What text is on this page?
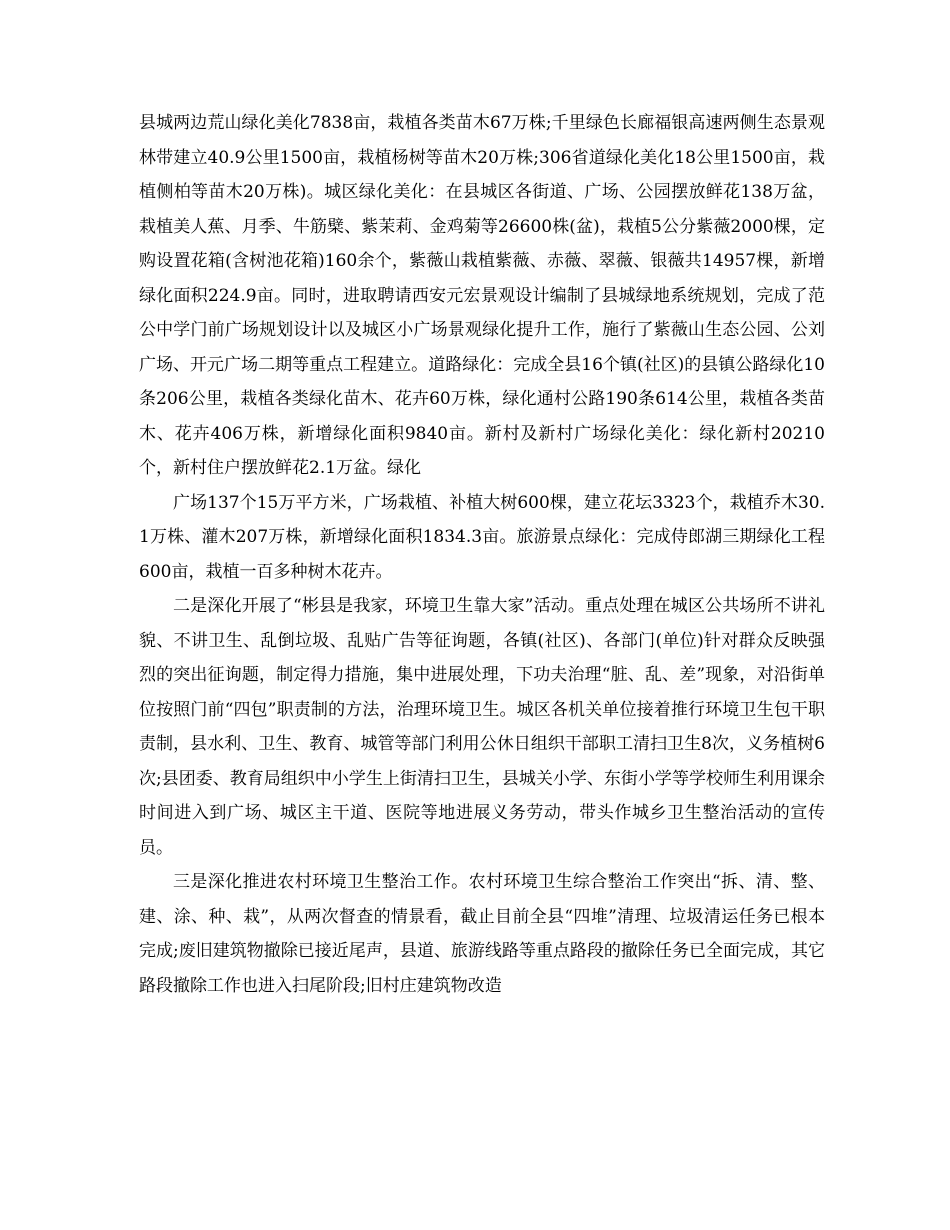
县城两边荒山绿化美化7838亩，栽植各类苗木67万株;千里绿色长廊福银高速两侧生态景观林带建立40.9公里1500亩，栽植杨树等苗木20万株;306省道绿化美化18公里1500亩，栽植侧柏等苗木20万株)。城区绿化美化：在县城区各街道、广场、公园摆放鲜花138万盆，栽植美人蕉、月季、牛筋檗、紫茉莉、金鸡菊等26600株(盆)，栽植5公分紫薇2000棵，定购设置花箱(含树池花箱)160余个，紫薇山栽植紫薇、赤薇、翠薇、银薇共14957棵，新增绿化面积224.9亩。同时，进取聘请西安元宏景观设计编制了县城绿地系统规划，完成了范公中学门前广场规划设计以及城区小广场景观绿化提升工作，施行了紫薇山生态公园、公刘广场、开元广场二期等重点工程建立。道路绿化：完成全县16个镇(社区)的县镇公路绿化10条206公里，栽植各类绿化苗木、花卉60万株，绿化通村公路190条614公里，栽植各类苗木、花卉406万株，新增绿化面积9840亩。新村及新村广场绿化美化：绿化新村20210个，新村住户摆放鲜花2.1万盆。绿化

广场137个15万平方米，广场栽植、补植大树600棵，建立花坛3323个，栽植乔木30.1万株、灌木207万株，新增绿化面积1834.3亩。旅游景点绿化：完成侍郎湖三期绿化工程600亩，栽植一百多种树木花卉。

二是深化开展了“彬县是我家，环境卫生靠大家”活动。重点处理在城区公共场所不讲礼貌、不讲卫生、乱倒垃圾、乱贴广告等征询题，各镇(社区)、各部门(单位)针对群众反映强烈的突出征询题，制定得力措施，集中进展处理，下功夫治理“脏、乱、差”现象，对沿街单位按照门前“四包”职责制的方法，治理环境卫生。城区各机关单位接着推行环境卫生包干职责制，县水利、卫生、教育、城管等部门利用公休日组织干部职工清扫卫生8次，义务植树6次;县团委、教育局组织中小学生上街清扫卫生，县城关小学、东街小学等学校师生利用课余时间进入到广场、城区主干道、医院等地进展义务劳动，带头作城乡卫生整治活动的宣传员。

三是深化推进农村环境卫生整治工作。农村环境卫生综合整治工作突出“拆、清、整、建、涂、种、栽”，从两次督查的情景看，截止目前全县“四堆”清理、垃圾清运任务已根本完成;废旧建筑物撤除已接近尾声，县道、旅游线路等重点路段的撤除任务已全面完成，其它路段撤除工作也进入扫尾阶段;旧村庄建筑物改造
